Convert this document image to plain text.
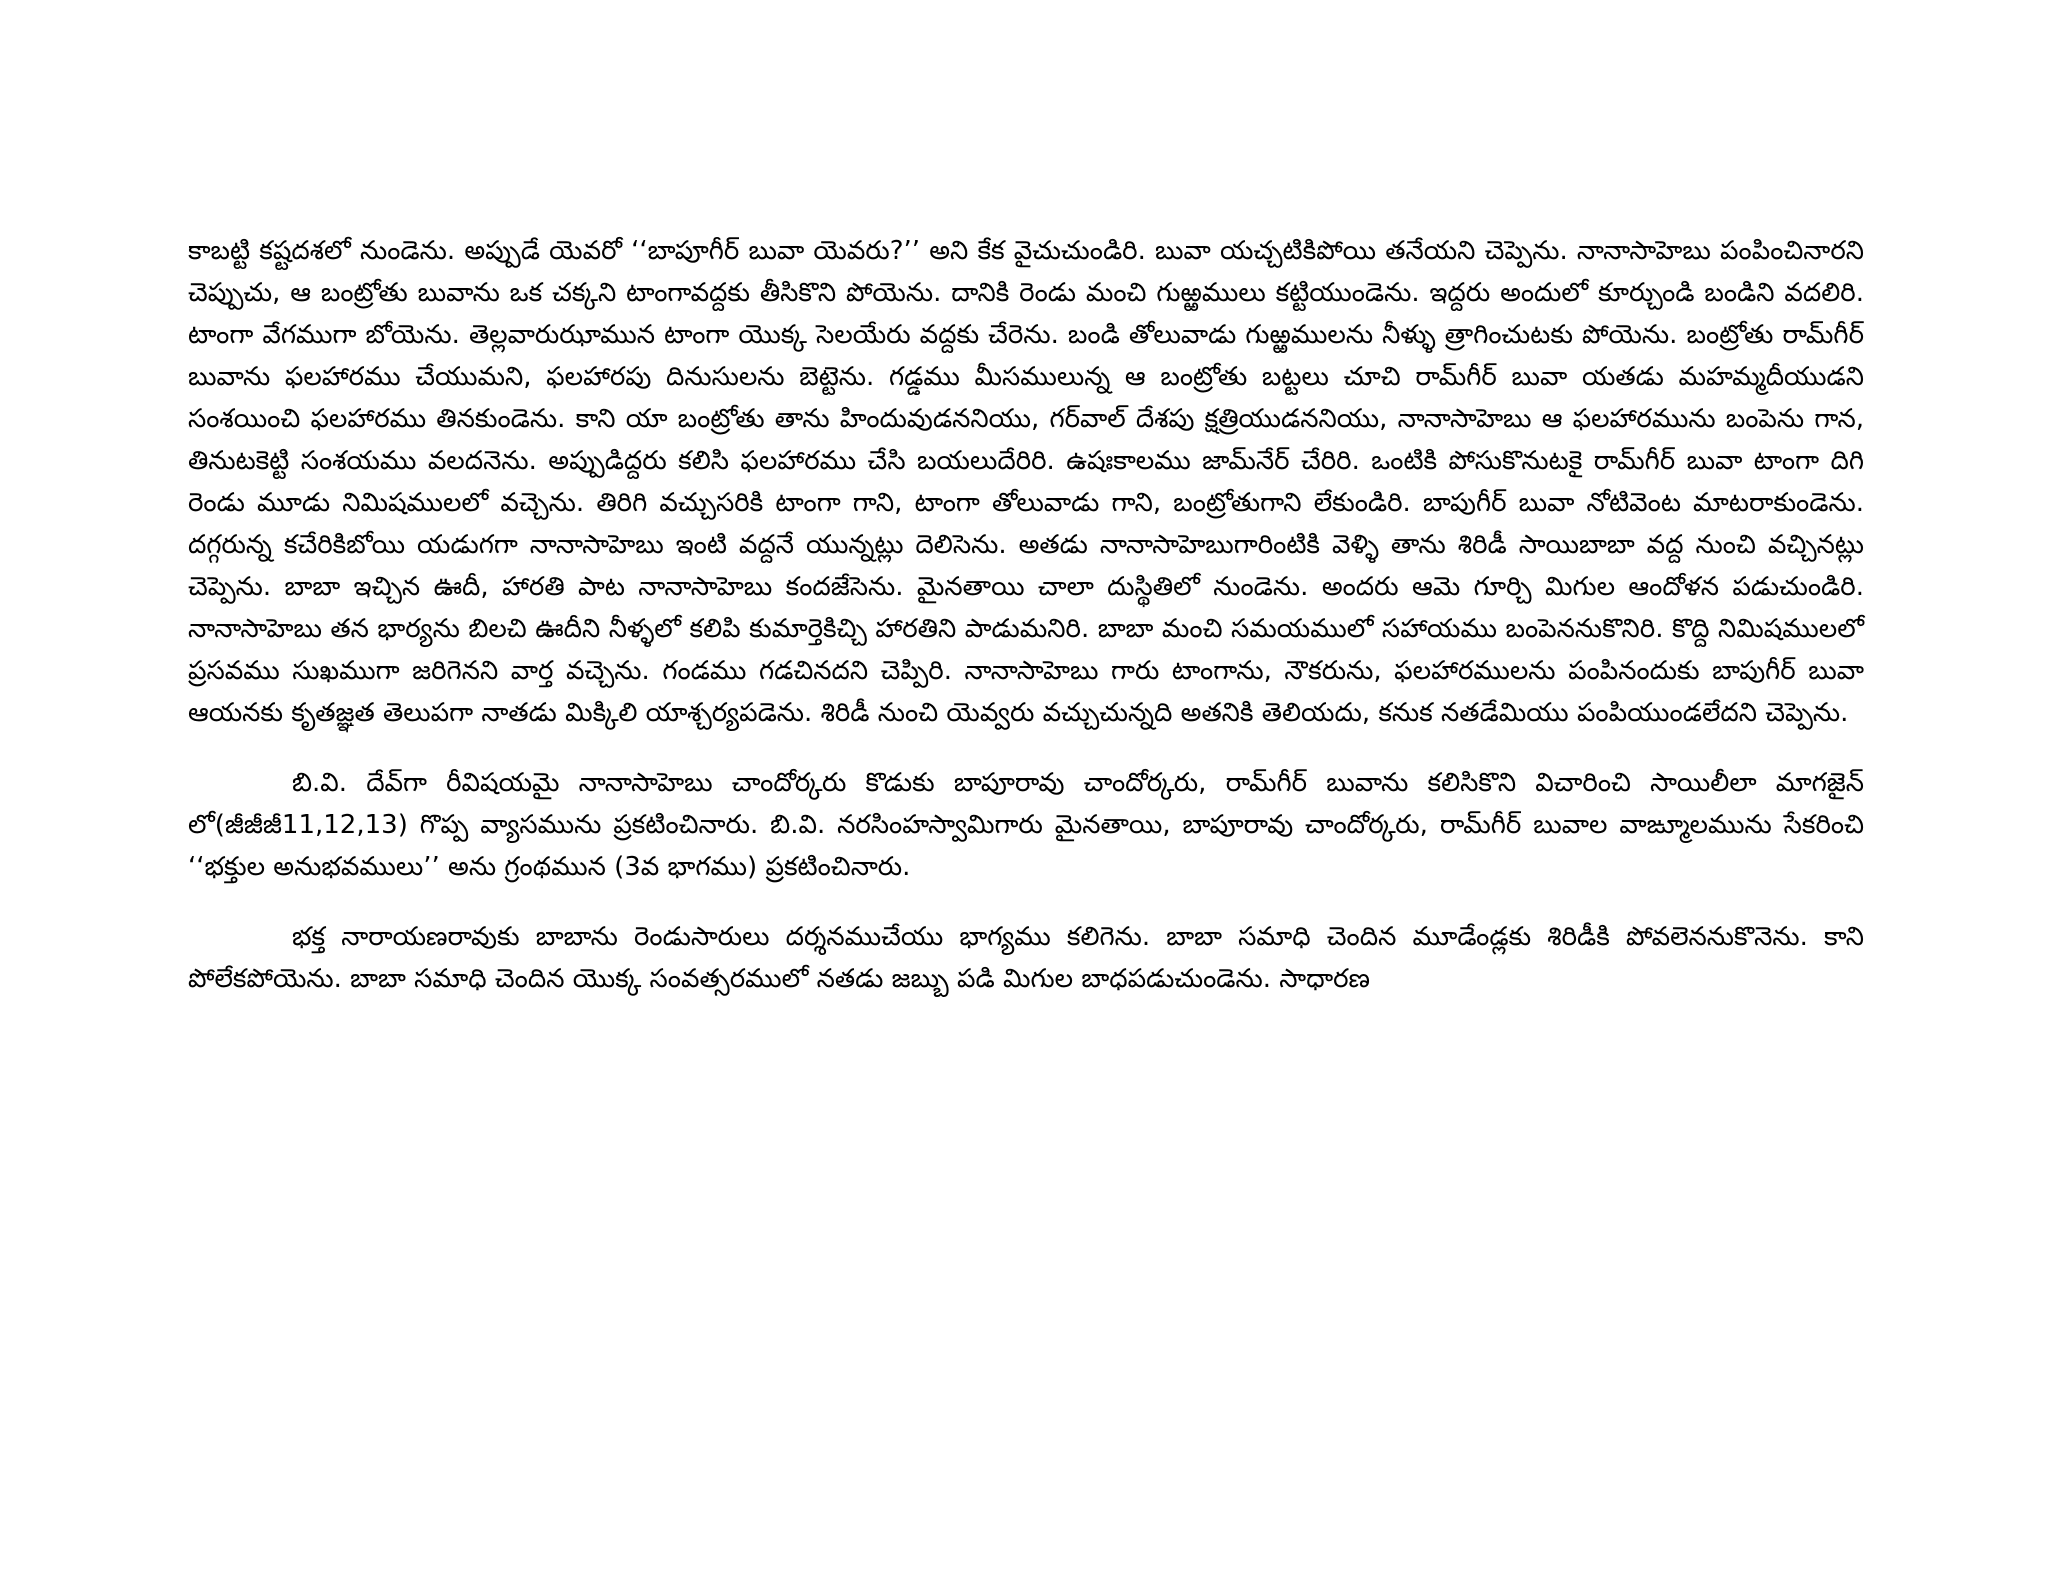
కాబట్టి కష్టదశలో నుండెను. అప్పుడే యెవరో ‘‘బాపూగీర్ బువా యెవరు?’’ అని కేక వైచుచుండిరి. బువా యచ్చటికిపోయి తనేయని చెప్పెను. నానాసాహెబు పంపించినారని చెప్పుచు, ఆ బంట్రోతు బువాను ఒక చక్కని టాంగావద్దకు తీసికొని పోయెను. దానికి రెండు మంచి గుఱ్ఱములు కట్టియుండెను. ఇద్దరు అందులో కూర్చుండి బండిని వదలిరి. టాంగా వేగముగా బోయెను. తెల్లవారుఝామున టాంగా యొక్క సెలయేరు వద్దకు చేరెను. బండి తోలువాడు గుఱ్ఱములను నీళ్ళు త్రాగించుటకు పోయెను. బంట్రోతు రామ్‌గీర్ బువాను ఫలహారము చేయుమని, ఫలహారపు దినుసులను బెట్టెను. గడ్డము మీసములున్న ఆ బంట్రోతు బట్టలు చూచి రామ్‌గీర్ బువా యతడు మహమ్మదీయుడని సంశయించి ఫలహారము తినకుండెను. కాని యా బంట్రోతు తాను హిందువుడననియు, గర్‌వాల్ దేశపు క్షత్రియుడననియు, నానాసాహెబు ఆ ఫలహారమును బంపెను గాన, తినుటకెట్టి సంశయము వలదనెను. అప్పుడిద్దరు కలిసి ఫలహారము చేసి బయలుదేరిరి. ఉషఃకాలము జామ్‌నేర్ చేరిరి. ఒంటికి పోసుకొనుటకై రామ్‌గీర్ బువా టాంగా దిగి రెండు మూడు నిమిషములలో వచ్చెను. తిరిగి వచ్చుసరికి టాంగా గాని, టాంగా తోలువాడు గాని, బంట్రోతుగాని లేకుండిరి. బాపుగీర్ బువా నోటివెంట మాటరాకుండెను. దగ్గరున్న కచేరికిబోయి యడుగగా నానాసాహెబు ఇంటి వద్దనే యున్నట్లు దెలిసెను. అతడు నానాసాహెబుగారింటికి వెళ్ళి తాను శిరిడీ సాయిబాబా వద్ద నుంచి వచ్చినట్లు చెప్పెను. బాబా ఇచ్చిన ఊదీ, హారతి పాట నానాసాహెబు కందజేసెను. మైనతాయి చాలా దుస్థితిలో నుండెను. అందరు ఆమె గూర్చి మిగుల ఆందోళన పడుచుండిరి. నానాసాహెబు తన భార్యను బిలచి ఊదీని నీళ్ళలో కలిపి కుమార్తెకిచ్చి హారతిని పాడుమనిరి. బాబా మంచి సమయములో సహాయము బంపెననుకొనిరి. కొద్ది నిమిషములలో ప్రసవము సుఖముగా జరిగెనని వార్త వచ్చెను. గండము గడచినదని చెప్పిరి. నానాసాహెబు గారు టాంగాను, నౌకరును, ఫలహారములను పంపినందుకు బాపుగీర్ బువా ఆయనకు కృతజ్ఞత తెలుపగా నాతడు మిక్కిలి యాశ్చర్యపడెను. శిరిడీ నుంచి యెవ్వరు వచ్చుచున్నది అతనికి తెలియదు, కనుక నతడేమియు పంపియుండలేదని చెప్పెను.

బి.వి. దేవ్‌గా రీవిషయమై నానాసాహెబు చాందోర్కరు కొడుకు బాపూరావు చాందోర్కరు, రామ్‌గీర్ బువాను కలిసికొని విచారించి సాయిలీలా మాగజైన్ లో(జీజీజీ11,12,13) గొప్ప వ్యాసమును ప్రకటించినారు. బి.వి. నరసింహస్వామిగారు మైనతాయి, బాపూరావు చాందోర్కరు, రామ్‌గీర్ బువాల వాఙ్మూలమును సేకరించి ‘‘భక్తుల అనుభవములు’’ అను గ్రంథమున (3వ భాగము) ప్రకటించినారు.

భక్త నారాయణరావుకు బాబాను రెండుసారులు దర్శనముచేయు భాగ్యము కలిగెను. బాబా సమాధి చెందిన మూడేండ్లకు శిరిడీకి పోవలెననుకొనెను. కాని పోలేకపోయెను. బాబా సమాధి చెందిన యొక్క సంవత్సరములో నతడు జబ్బు పడి మిగుల బాధపడుచుండెను. సాధారణ
